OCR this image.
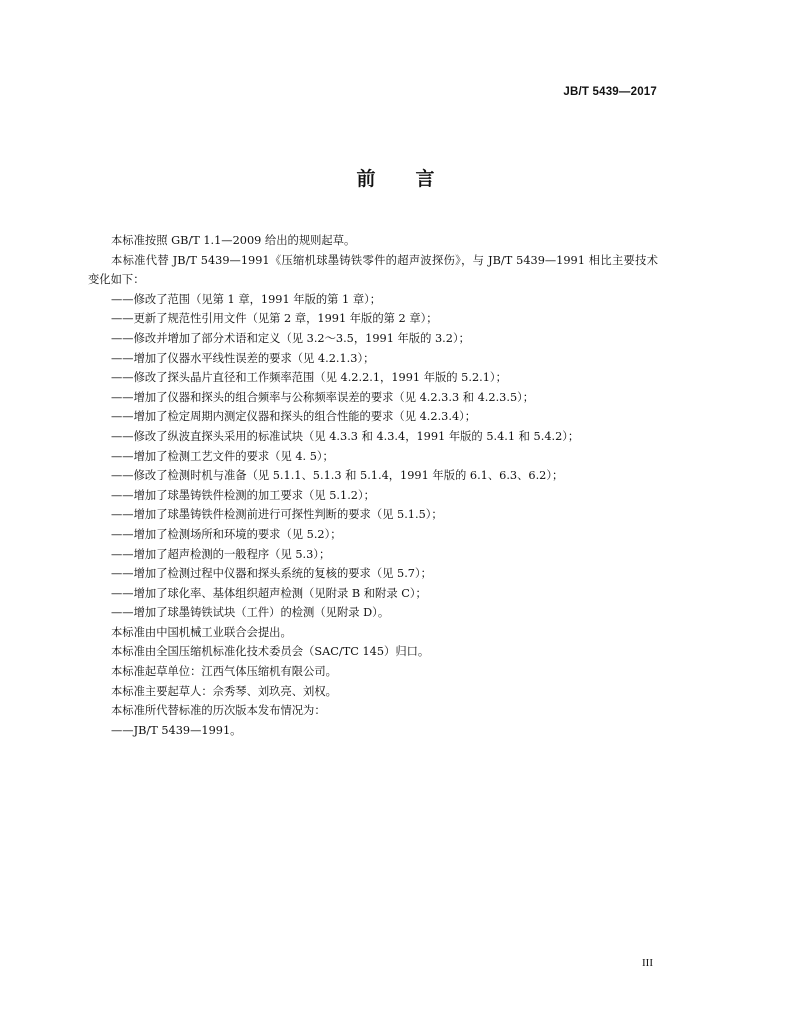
JB/T 5439—2017
前 言

本标准按照 GB/T 1.1—2009 给出的规则起草。

本标准代替 JB/T 5439—1991《压缩机球墨铸铁零件的超声波探伤》，与 JB/T 5439—1991 相比主要技术变化如下：

——修改了范围（见第 1 章，1991 年版的第 1 章）；

——更新了规范性引用文件（见第 2 章，1991 年版的第 2 章）；

——修改并增加了部分术语和定义（见 3.2～3.5，1991 年版的 3.2）；

——增加了仪器水平线性误差的要求（见 4.2.1.3）；

——修改了探头晶片直径和工作频率范围（见 4.2.2.1，1991 年版的 5.2.1）；

——增加了仪器和探头的组合频率与公称频率误差的要求（见 4.2.3.3 和 4.2.3.5）；

——增加了检定周期内测定仪器和探头的组合性能的要求（见 4.2.3.4）；

——修改了纵波直探头采用的标准试块（见 4.3.3 和 4.3.4，1991 年版的 5.4.1 和 5.4.2）；

——增加了检测工艺文件的要求（见 4. 5）；

——修改了检测时机与准备（见 5.1.1、5.1.3 和 5.1.4，1991 年版的 6.1、6.3、6.2）；

——增加了球墨铸铁件检测的加工要求（见 5.1.2）；

——增加了球墨铸铁件检测前进行可探性判断的要求（见 5.1.5）；

——增加了检测场所和环境的要求（见 5.2）；

——增加了超声检测的一般程序（见 5.3）；

——增加了检测过程中仪器和探头系统的复核的要求（见 5.7）；

——增加了球化率、基体组织超声检测（见附录 B 和附录 C）；

——增加了球墨铸铁试块（工件）的检测（见附录 D）。

本标准由中国机械工业联合会提出。

本标准由全国压缩机标准化技术委员会（SAC/TC 145）归口。

本标准起草单位：江西气体压缩机有限公司。

本标准主要起草人：佘秀琴、刘玖亮、刘权。

本标准所代替标准的历次版本发布情况为：

——JB/T 5439—1991。

III
